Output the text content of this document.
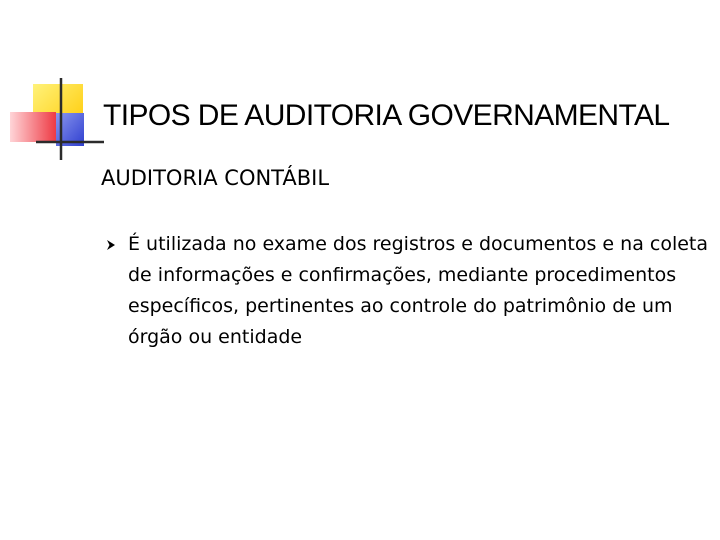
TIPOS DE AUDITORIA GOVERNAMENTAL
AUDITORIA CONTÁBIL
É utilizada no exame dos registros e documentos e na coleta de informações e confirmações, mediante procedimentos específicos, pertinentes ao controle do patrimônio de um órgão ou entidade
